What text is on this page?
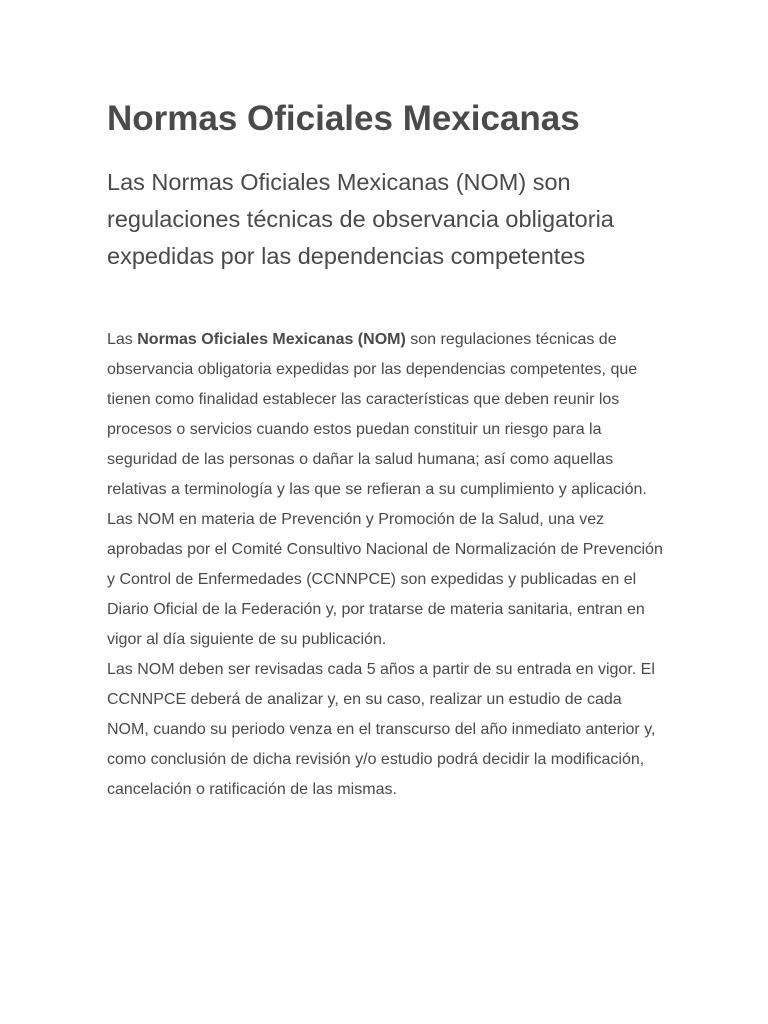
Normas Oficiales Mexicanas
Las Normas Oficiales Mexicanas (NOM) son regulaciones técnicas de observancia obligatoria expedidas por las dependencias competentes

Las Normas Oficiales Mexicanas (NOM) son regulaciones técnicas de observancia obligatoria expedidas por las dependencias competentes, que tienen como finalidad establecer las características que deben reunir los procesos o servicios cuando estos puedan constituir un riesgo para la seguridad de las personas o dañar la salud humana; así como aquellas relativas a terminología y las que se refieran a su cumplimiento y aplicación.

Las NOM en materia de Prevención y Promoción de la Salud, una vez aprobadas por el Comité Consultivo Nacional de Normalización de Prevención y Control de Enfermedades (CCNNPCE) son expedidas y publicadas en el Diario Oficial de la Federación y, por tratarse de materia sanitaria, entran en vigor al día siguiente de su publicación.

Las NOM deben ser revisadas cada 5 años a partir de su entrada en vigor. El CCNNPCE deberá de analizar y, en su caso, realizar un estudio de cada NOM, cuando su periodo venza en el transcurso del año inmediato anterior y, como conclusión de dicha revisión y/o estudio podrá decidir la modificación, cancelación o ratificación de las mismas.
